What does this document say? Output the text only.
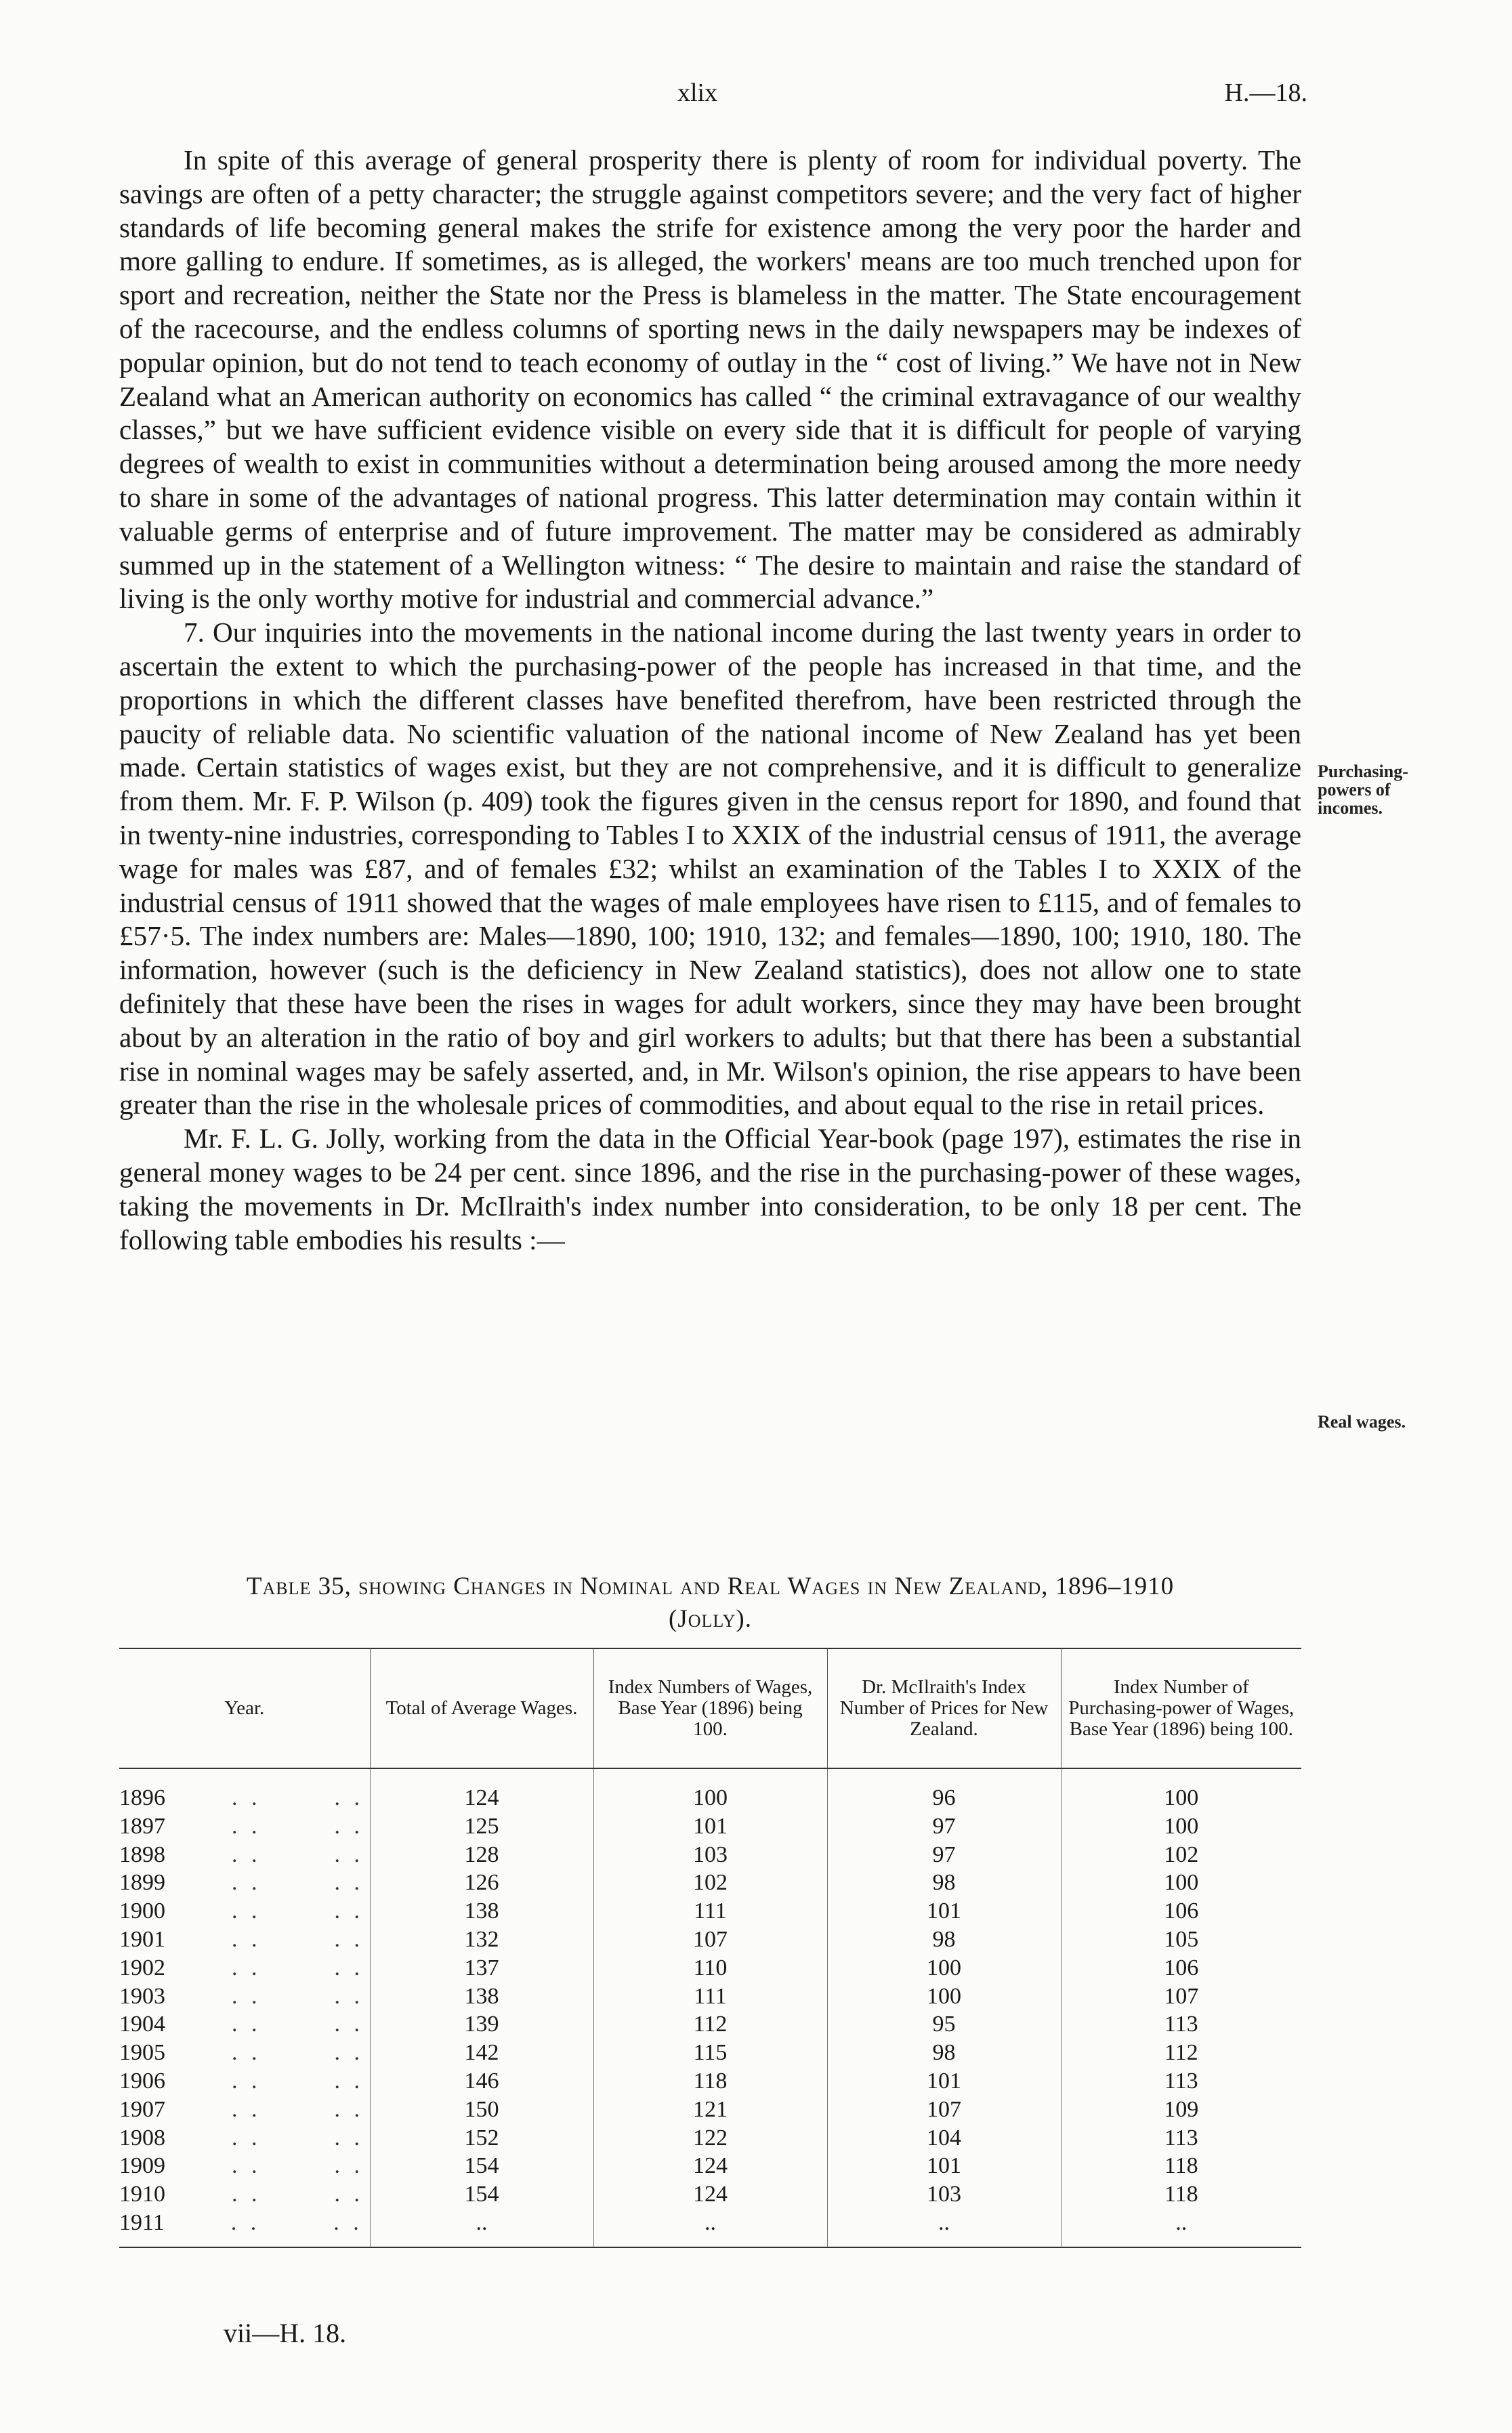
xlix	H.—18.

In spite of this average of general prosperity there is plenty of room for individual poverty. The savings are often of a petty character; the struggle against competitors severe; and the very fact of higher standards of life becoming general makes the strife for existence among the very poor the harder and more galling to endure. If sometimes, as is alleged, the workers' means are too much trenched upon for sport and recreation, neither the State nor the Press is blameless in the matter. The State encouragement of the racecourse, and the endless columns of sporting news in the daily newspapers may be indexes of popular opinion, but do not tend to teach economy of outlay in the “ cost of living.” We have not in New Zealand what an American authority on economics has called “ the criminal extravagance of our wealthy classes,” but we have sufficient evidence visible on every side that it is difficult for people of varying degrees of wealth to exist in communities without a determination being aroused among the more needy to share in some of the advantages of national progress. This latter determination may contain within it valuable germs of enterprise and of future improvement. The matter may be considered as admirably summed up in the statement of a Wellington witness: “ The desire to maintain and raise the standard of living is the only worthy motive for industrial and commercial advance.”

7. Our inquiries into the movements in the national income during the last twenty years in order to ascertain the extent to which the purchasing-power of the people has increased in that time, and the proportions in which the different classes have benefited therefrom, have been restricted through the paucity of reliable data. No scientific valuation of the national income of New Zealand has yet been made. Certain statistics of wages exist, but they are not comprehensive, and it is difficult to generalize from them. Mr. F. P. Wilson (p. 409) took the figures given in the census report for 1890, and found that in twenty-nine industries, corresponding to Tables I to XXIX of the industrial census of 1911, the average wage for males was £87, and of females £32; whilst an examination of the Tables I to XXIX of the industrial census of 1911 showed that the wages of male employees have risen to £115, and of females to £57·5. The index numbers are: Males—1890, 100; 1910, 132; and females—1890, 100; 1910, 180. The information, however (such is the deficiency in New Zealand statistics), does not allow one to state definitely that these have been the rises in wages for adult workers, since they may have been brought about by an alteration in the ratio of boy and girl workers to adults; but that there has been a substantial rise in nominal wages may be safely asserted, and, in Mr. Wilson's opinion, the rise appears to have been greater than the rise in the wholesale prices of commodities, and about equal to the rise in retail prices.

Mr. F. L. G. Jolly, working from the data in the Official Year-book (page 197), estimates the rise in general money wages to be 24 per cent. since 1896, and the rise in the purchasing-power of these wages, taking the movements in Dr. McIlraith's index number into consideration, to be only 18 per cent. The following table embodies his results :—

Purchasing-powers of incomes.
Real wages.
Table 35, showing Changes in Nominal and Real Wages in New Zealand, 1896–1910
(Jolly).
Year.	Total of Average Wages.	Index Numbers of Wages, Base Year (1896) being 100.	Dr. McIlraith's Index Number of Prices for New Zealand.	Index Number of Purchasing-power of Wages, Base Year (1896) being 100.
1896 . . . .	124	100	96	100
1897 . . . .	125	101	97	100
1898 . . . .	128	103	97	102
1899 . . . .	126	102	98	100
1900 . . . .	138	111	101	106
1901 . . . .	132	107	98	105
1902 . . . .	137	110	100	106
1903 . . . .	138	111	100	107
1904 . . . .	139	112	95	113
1905 . . . .	142	115	98	112
1906 . . . .	146	118	101	113
1907 . . . .	150	121	107	109
1908 . . . .	152	122	104	113
1909 . . . .	154	124	101	118
1910 . . . .	154	124	103	118
1911 . . . .	..	..	..	..
vii—H. 18.
